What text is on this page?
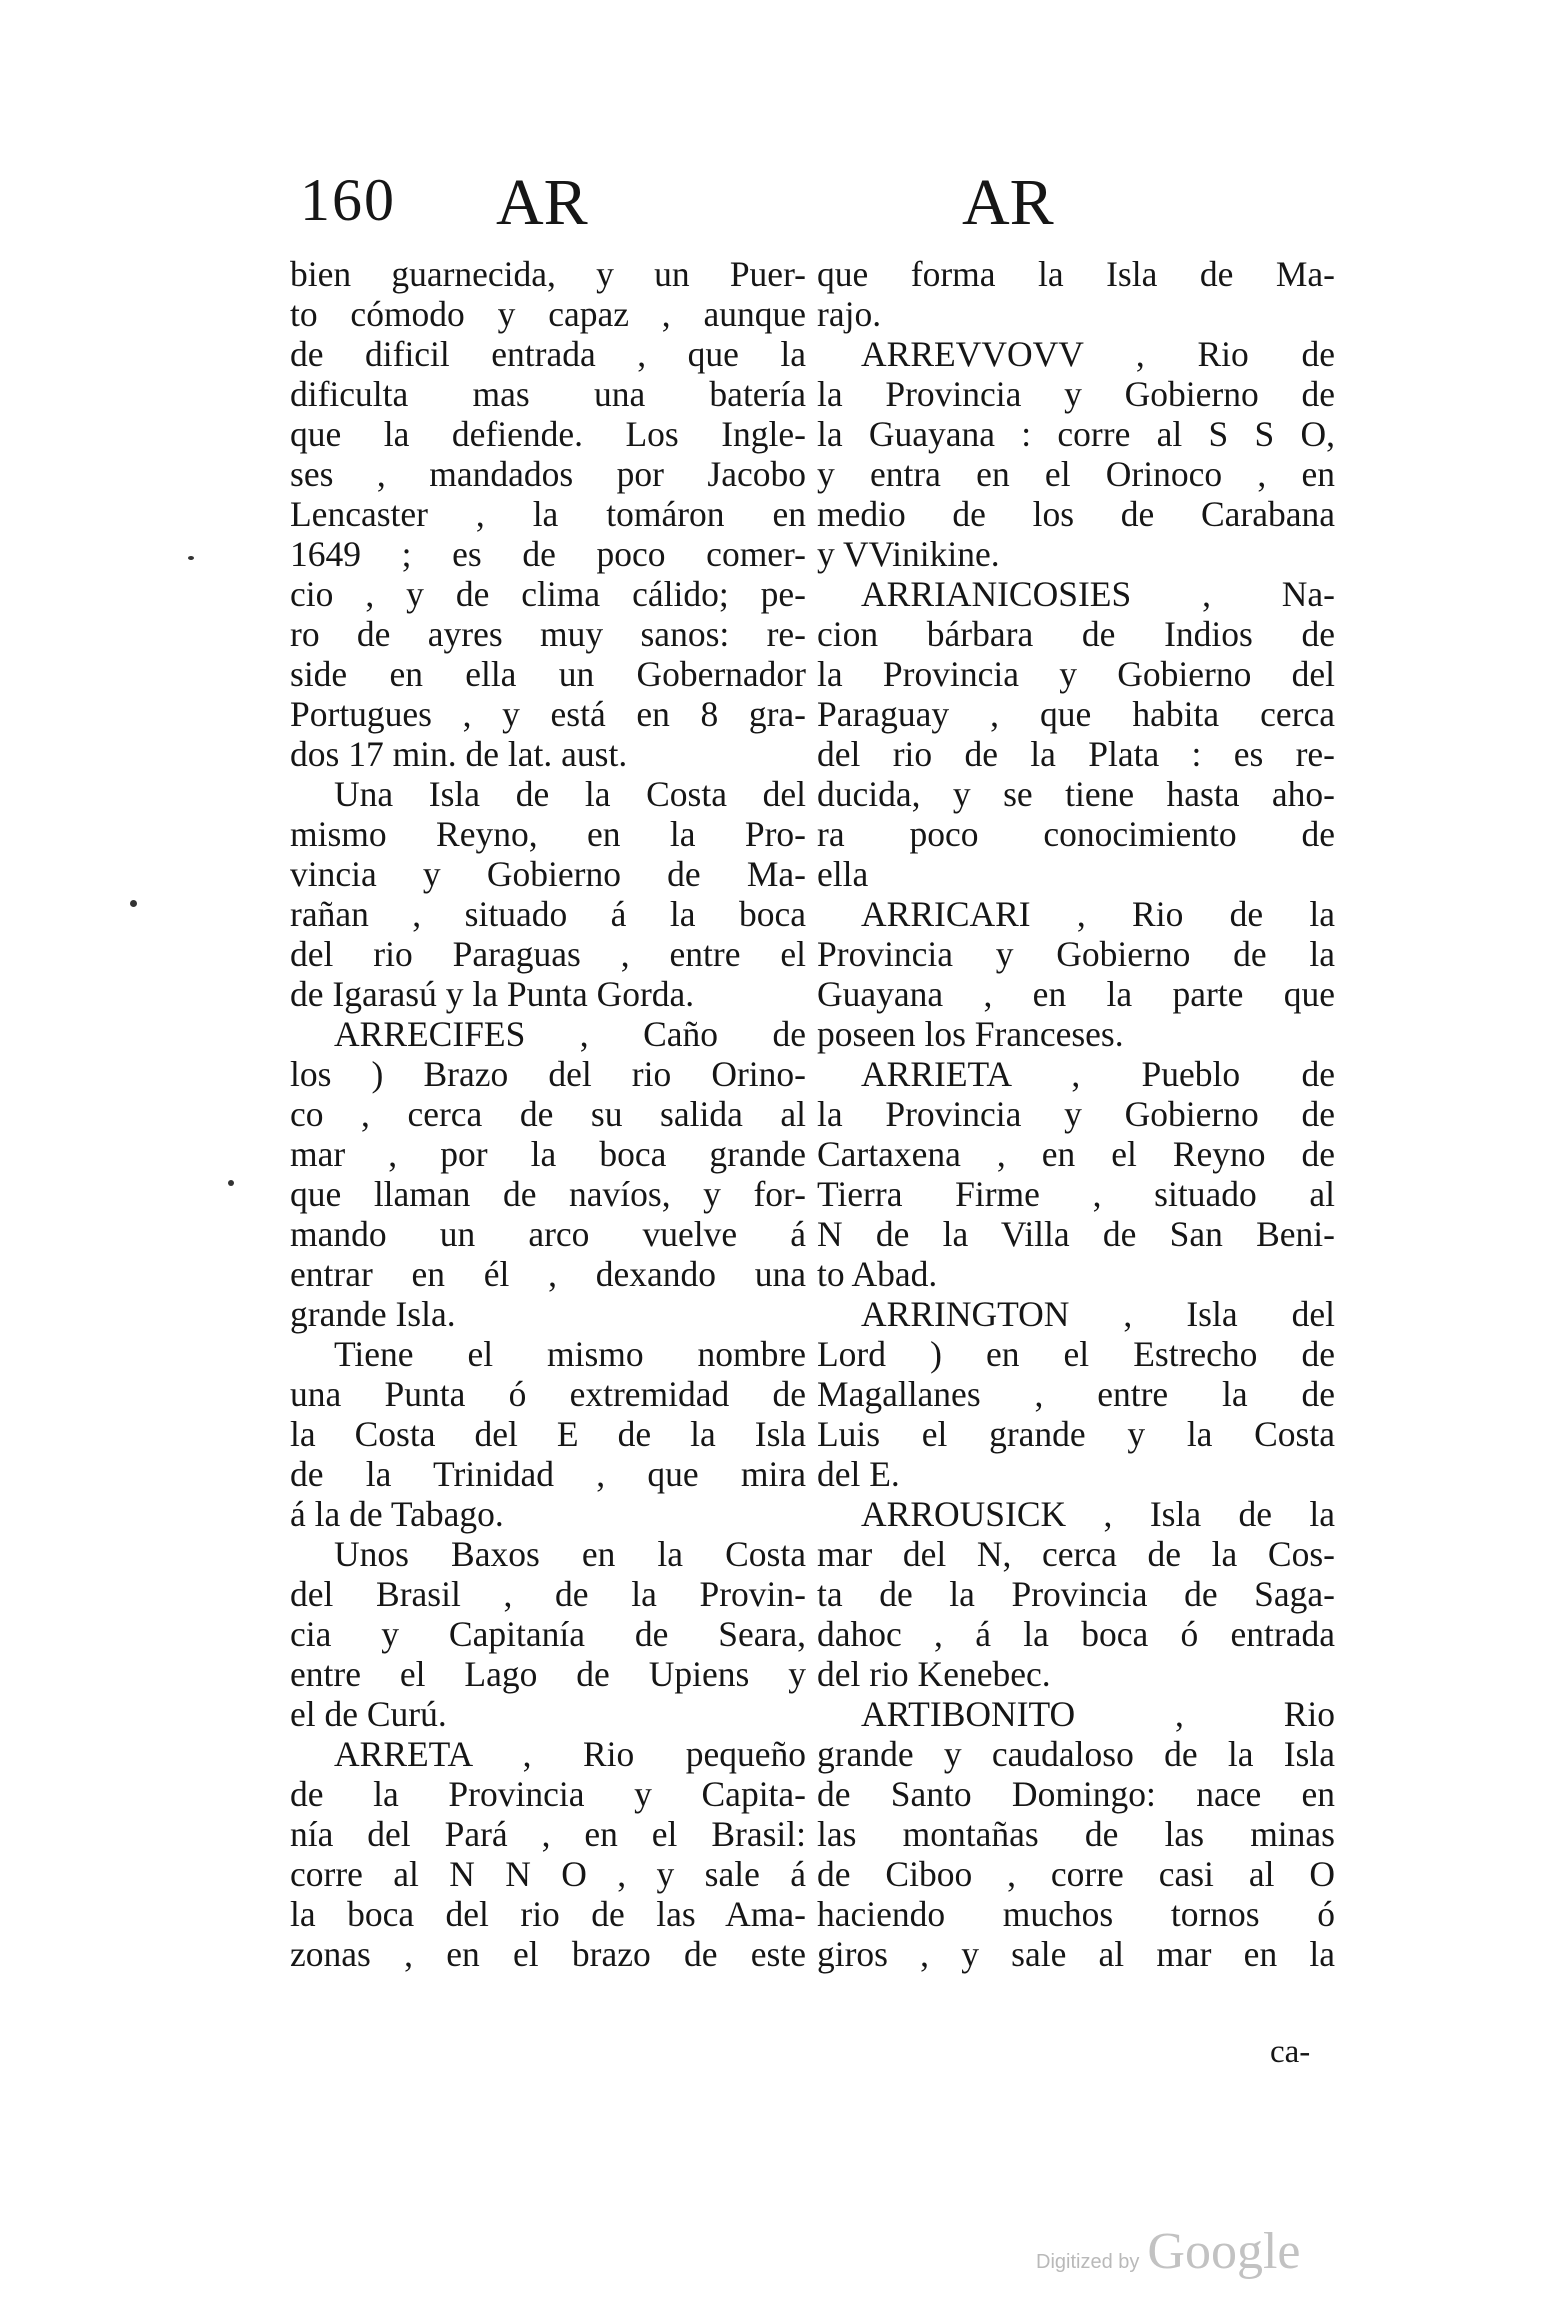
160 AR	AR
bien guarnecida, y un Puer-
to cómodo y capaz , aunque
de dificil entrada , que la
dificulta mas una batería
que la defiende. Los Ingle-
ses , mandados por Jacobo
Lencaster , la tomáron en
1649 ; es de poco comer-
cio , y de clima cálido; pe-
ro de ayres muy sanos: re-
side en ella un Gobernador
Portugues , y está en 8 gra-
dos 17 min. de lat. aust.
Una Isla de la Costa del
mismo Reyno, en la Pro-
vincia y Gobierno de Ma-
rañan , situado á la boca
del rio Paraguas , entre el
de Igarasú y la Punta Gorda.
ARRECIFES , Caño de
los ) Brazo del rio Orino-
co , cerca de su salida al
mar , por la boca grande
que llaman de navíos, y for-
mando un arco vuelve á
entrar en él , dexando una
grande Isla.
Tiene el mismo nombre
una Punta ó extremidad de
la Costa del E de la Isla
de la Trinidad , que mira
á la de Tabago.
Unos Baxos en la Costa
del Brasil , de la Provin-
cia y Capitanía de Seara,
entre el Lago de Upiens y
el de Curú.
ARRETA , Rio pequeño
de la Provincia y Capita-
nía del Pará , en el Brasil:
corre al N N O , y sale á
la boca del rio de las Ama-
zonas , en el brazo de este
que forma la Isla de Ma-
rajo.
ARREVVOVV , Rio de
la Provincia y Gobierno de
la Guayana : corre al S S O,
y entra en el Orinoco , en
medio de los de Carabana
y VVinikine.
ARRIANICOSIES , Na-
cion bárbara de Indios de
la Provincia y Gobierno del
Paraguay , que habita cerca
del rio de la Plata : es re-
ducida, y se tiene hasta aho-
ra poco conocimiento de
ella
ARRICARI , Rio de la
Provincia y Gobierno de la
Guayana , en la parte que
poseen los Franceses.
ARRIETA , Pueblo de
la Provincia y Gobierno de
Cartaxena , en el Reyno de
Tierra Firme , situado al
N de la Villa de San Beni-
to Abad.
ARRINGTON , Isla del
Lord ) en el Estrecho de
Magallanes , entre la de
Luis el grande y la Costa
del E.
ARROUSICK , Isla de la
mar del N, cerca de la Cos-
ta de la Provincia de Saga-
dahoc , á la boca ó entrada
del rio Kenebec.
ARTIBONITO , Rio
grande y caudaloso de la Isla
de Santo Domingo: nace en
las montañas de las minas
de Ciboo , corre casi al O
haciendo muchos tornos ó
giros , y sale al mar en la
ca-
Digitized by Google
